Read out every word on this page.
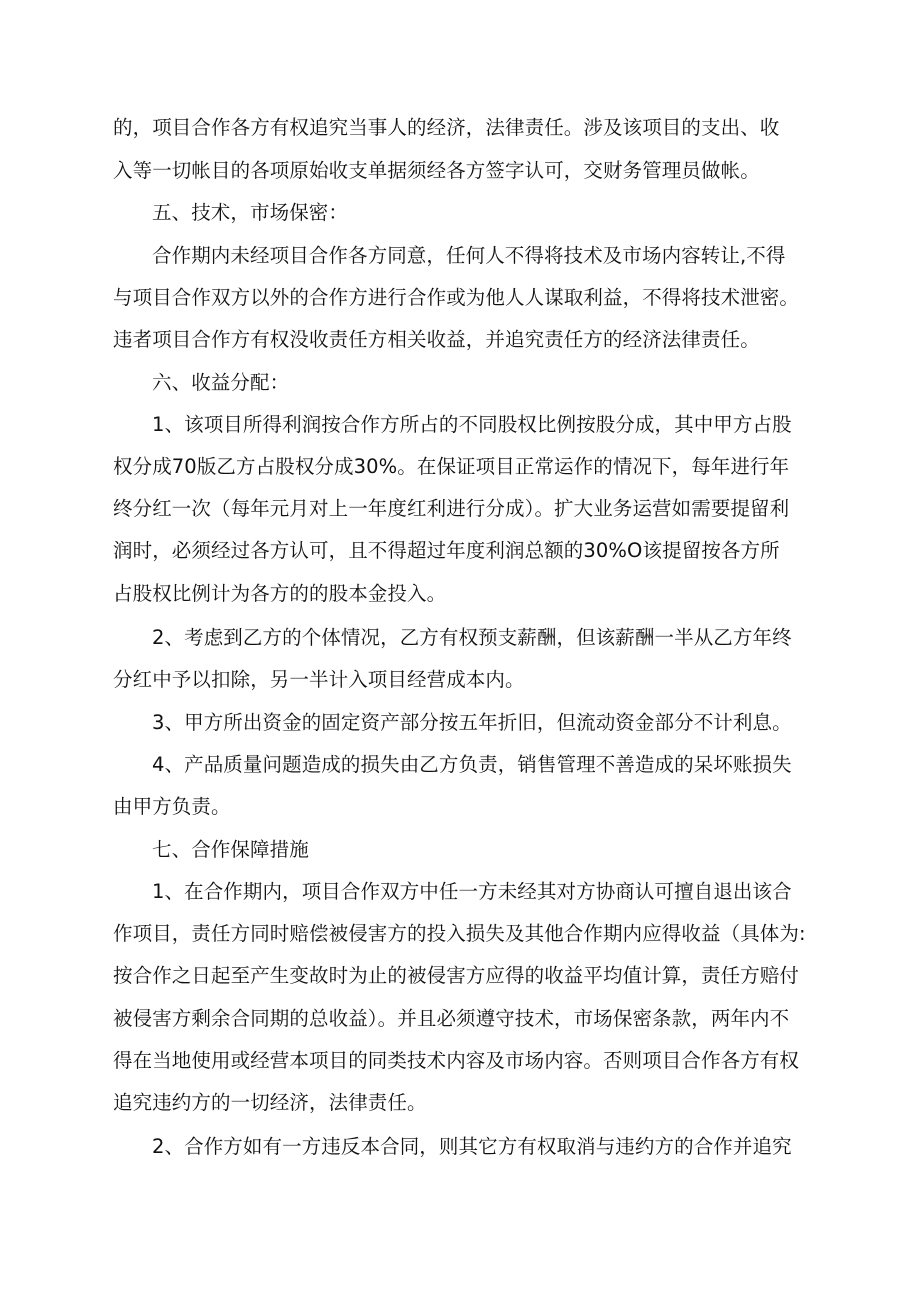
的，项目合作各方有权追究当事人的经济，法律责任。涉及该项目的支出、收

入等一切帐目的各项原始收支单据须经各方签字认可，交财务管理员做帐。

五、技术，市场保密：

合作期内未经项目合作各方同意，任何人不得将技术及市场内容转让,不得

与项目合作双方以外的合作方进行合作或为他人人谋取利益，不得将技术泄密。

违者项目合作方有权没收责任方相关收益，并追究责任方的经济法律责任。

六、收益分配：

1、该项目所得利润按合作方所占的不同股权比例按股分成，其中甲方占股

权分成70版乙方占股权分成30%。在保证项目正常运作的情况下，每年进行年

终分红一次（每年元月对上一年度红利进行分成）。扩大业务运营如需要提留利

润时，必须经过各方认可，且不得超过年度利润总额的30%O该提留按各方所

占股权比例计为各方的的股本金投入。

2、考虑到乙方的个体情况，乙方有权预支薪酬，但该薪酬一半从乙方年终

分红中予以扣除，另一半计入项目经营成本内。

3、甲方所出资金的固定资产部分按五年折旧，但流动资金部分不计利息。

4、产品质量问题造成的损失由乙方负责，销售管理不善造成的呆坏账损失

由甲方负责。

七、合作保障措施

1、在合作期内，项目合作双方中任一方未经其对方协商认可擅自退出该合

作项目，责任方同时赔偿被侵害方的投入损失及其他合作期内应得收益（具体为:

按合作之日起至产生变故时为止的被侵害方应得的收益平均值计算，责任方赔付

被侵害方剩余合同期的总收益）。并且必须遵守技术，市场保密条款，两年内不

得在当地使用或经营本项目的同类技术内容及市场内容。否则项目合作各方有权

追究违约方的一切经济，法律责任。

2、合作方如有一方违反本合同，则其它方有权取消与违约方的合作并追究
